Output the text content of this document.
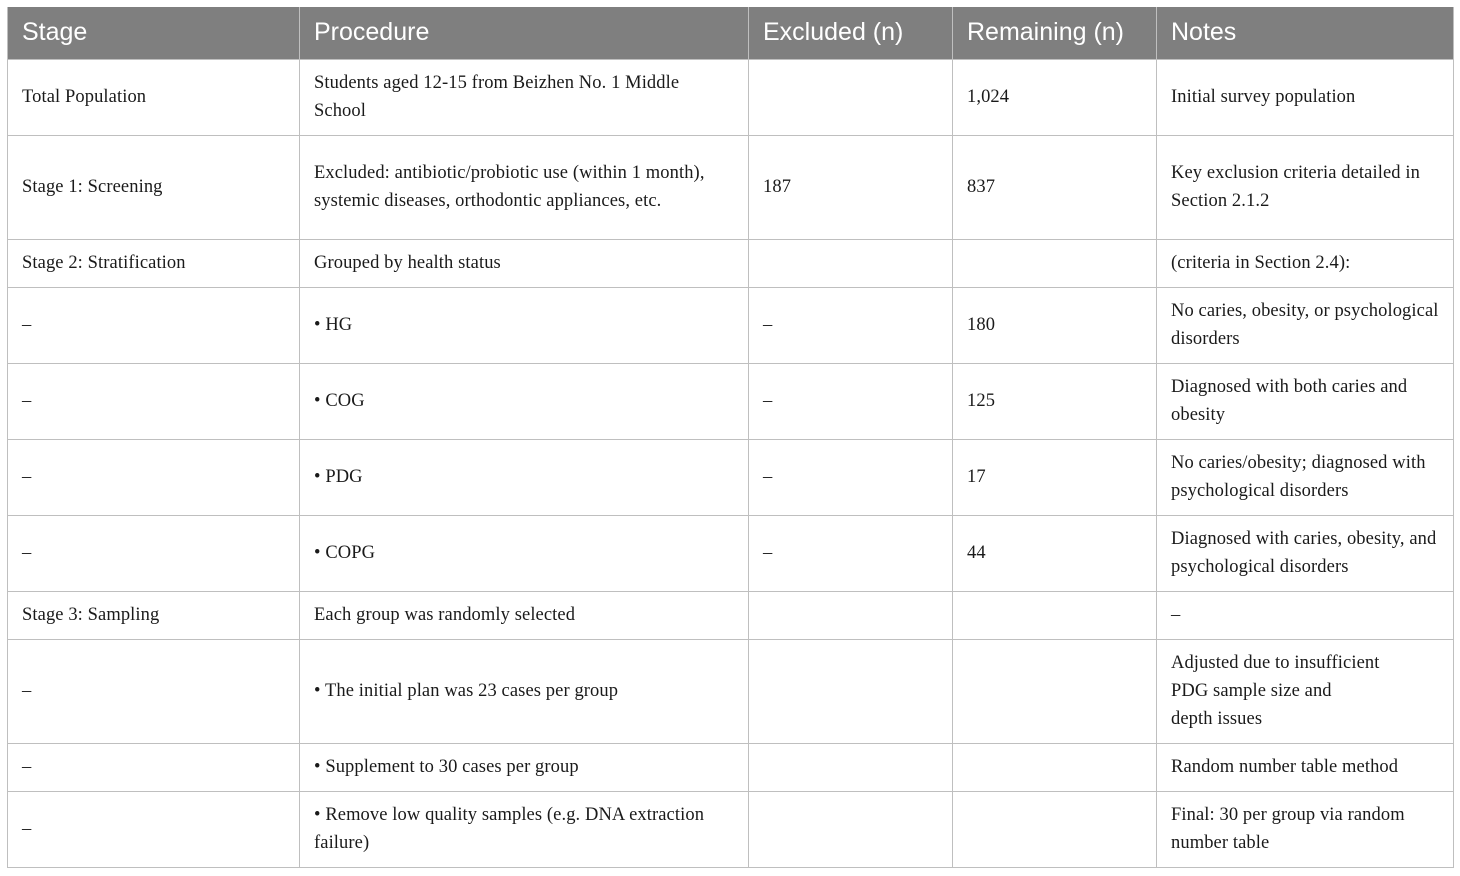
Stage	Procedure	Excluded (n)	Remaining (n)	Notes
Total Population	Students aged 12-15 from Beizhen No. 1 Middle School		1,024	Initial survey population
Stage 1: Screening	Excluded: antibiotic/probiotic use (within 1 month), systemic diseases, orthodontic appliances, etc.	187	837	Key exclusion criteria detailed in Section 2.1.2
Stage 2: Stratification	Grouped by health status			(criteria in Section 2.4):
–	• HG	–	180	No caries, obesity, or psychological disorders
–	• COG	–	125	Diagnosed with both caries and obesity
–	• PDG	–	17	No caries/obesity; diagnosed with psychological disorders
–	• COPG	–	44	Diagnosed with caries, obesity, and psychological disorders
Stage 3: Sampling	Each group was randomly selected			–
–	• The initial plan was 23 cases per group			Adjusted due to insufficient
PDG sample size and
depth issues
–	• Supplement to 30 cases per group			Random number table method
–	• Remove low quality samples (e.g. DNA extraction failure)			Final: 30 per group via random number table
